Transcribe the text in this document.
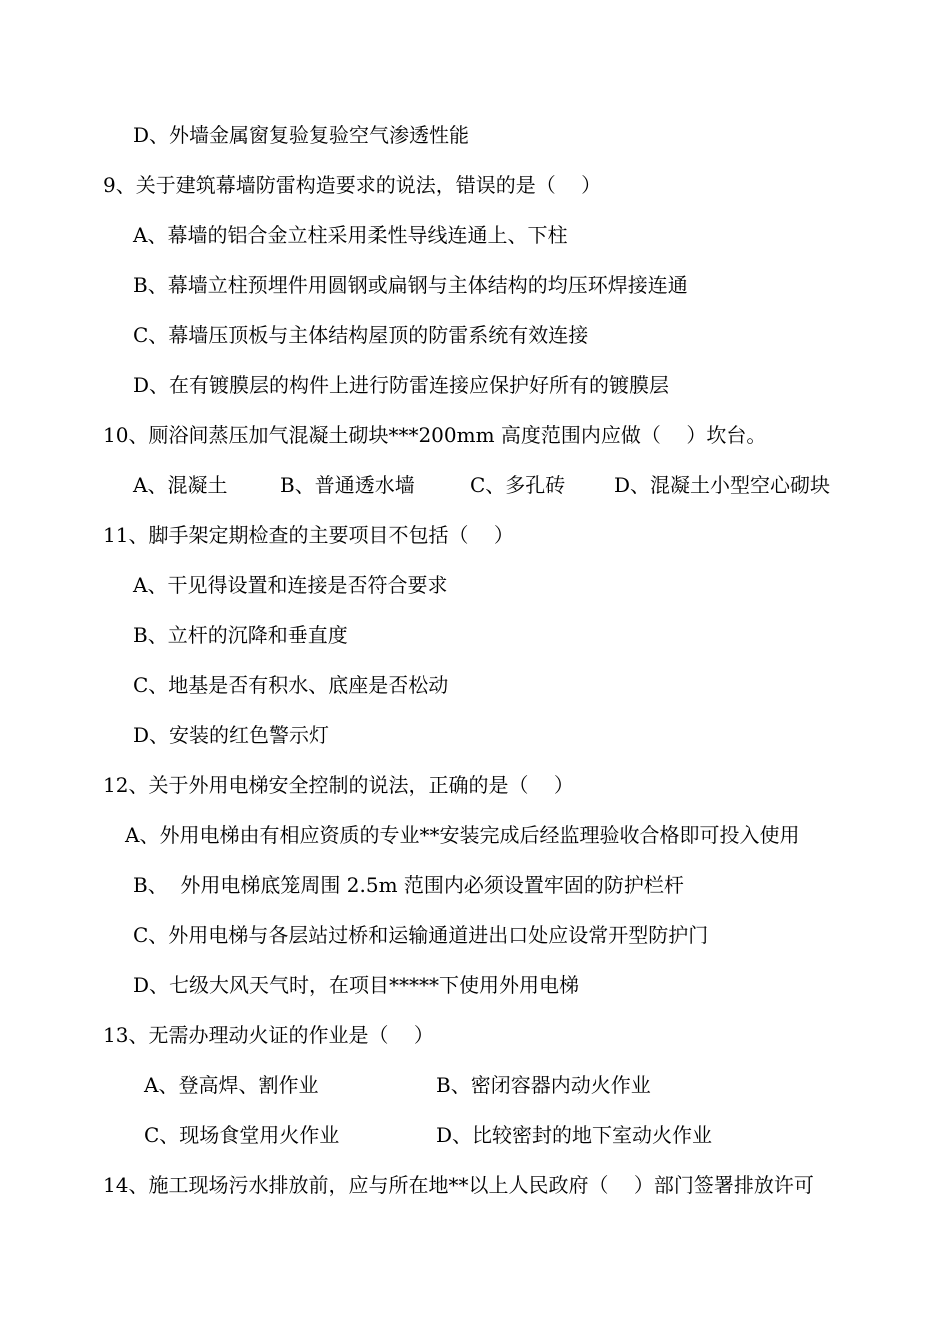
D、外墙金属窗复验复验空气渗透性能
9、关于建筑幕墙防雷构造要求的说法，错误的是（    ）
A、幕墙的铝合金立柱采用柔性导线连通上、下柱
B、幕墙立柱预埋件用圆钢或扁钢与主体结构的均压环焊接连通
C、幕墙压顶板与主体结构屋顶的防雷系统有效连接
D、在有镀膜层的构件上进行防雷连接应保护好所有的镀膜层
10、厕浴间蒸压加气混凝土砌块***200mm 高度范围内应做（    ）坎台。
A、混凝土	B、普通透水墙	C、多孔砖 D、混凝土小型空心砌块
11、脚手架定期检查的主要项目不包括（    ）
A、干见得设置和连接是否符合要求
B、立杆的沉降和垂直度
C、地基是否有积水、底座是否松动
D、安装的红色警示灯
12、关于外用电梯安全控制的说法，正确的是（    ）
A、外用电梯由有相应资质的专业**安装完成后经监理验收合格即可投入使用
B、  外用电梯底笼周围 2.5m 范围内必须设置牢固的防护栏杆
C、外用电梯与各层站过桥和运输通道进出口处应设常开型防护门
D、七级大风天气时，在项目*****下使用外用电梯
13、无需办理动火证的作业是（    ）
A、登高焊、割作业	B、密闭容器内动火作业
C、现场食堂用火作业	D、比较密封的地下室动火作业
14、施工现场污水排放前，应与所在地**以上人民政府（    ）部门签署排放许可
